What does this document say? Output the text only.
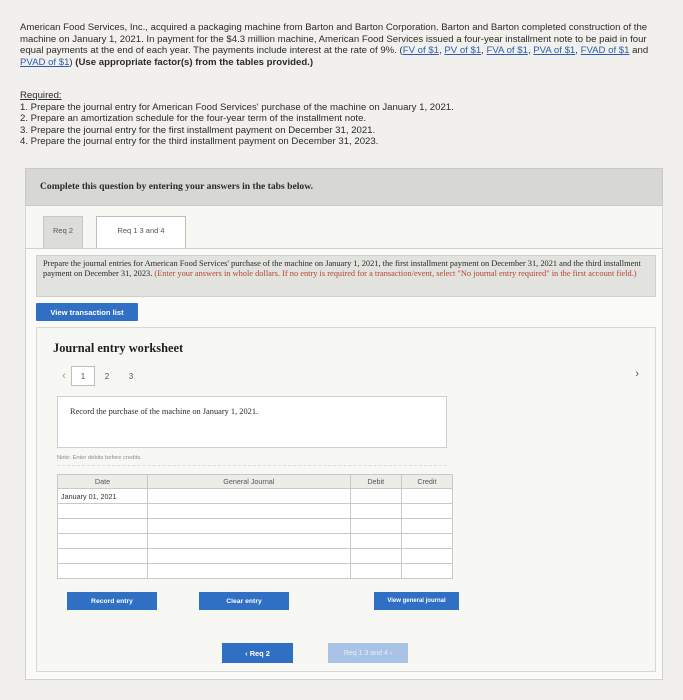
American Food Services, Inc., acquired a packaging machine from Barton and Barton Corporation. Barton and Barton completed construction of the machine on January 1, 2021. In payment for the $4.3 million machine, American Food Services issued a four-year installment note to be paid in four equal payments at the end of each year. The payments include interest at the rate of 9%. (FV of $1, PV of $1, FVA of $1, PVA of $1, FVAD of $1 and PVAD of $1) (Use appropriate factor(s) from the tables provided.)
Required:
1. Prepare the journal entry for American Food Services' purchase of the machine on January 1, 2021.
2. Prepare an amortization schedule for the four-year term of the installment note.
3. Prepare the journal entry for the first installment payment on December 31, 2021.
4. Prepare the journal entry for the third installment payment on December 31, 2023.
Complete this question by entering your answers in the tabs below.
Req 2	Req 1 3 and 4
Prepare the journal entries for American Food Services' purchase of the machine on January 1, 2021, the first installment payment on December 31, 2021 and the third installment payment on December 31, 2023. (Enter your answers in whole dollars. If no entry is required for a transaction/event, select "No journal entry required" in the first account field.)
View transaction list
Journal entry worksheet
‹	1	2	3	›
Record the purchase of the machine on January 1, 2021.
Note: Enter debits before credits.
Date	General Journal	Debit	Credit
January 01, 2021			

Record entry	Clear entry	View general journal
‹ Req 2	Req 1 3 and 4 ›
